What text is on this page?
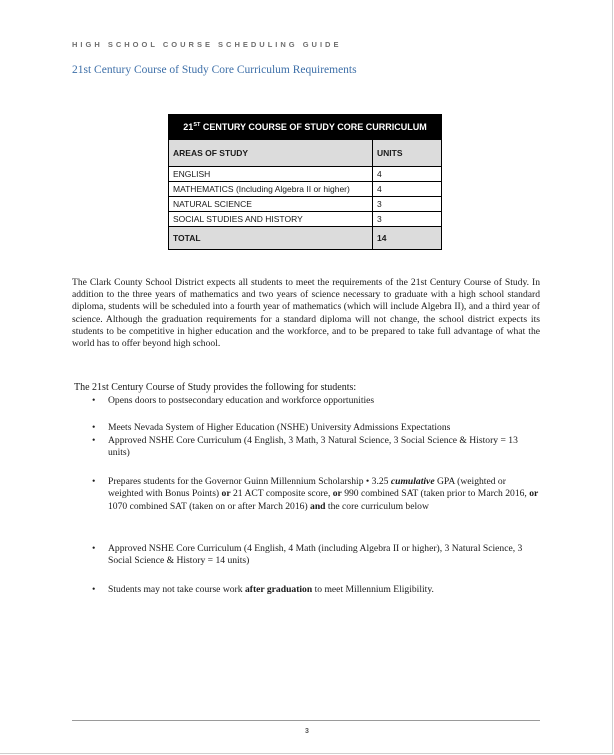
HIGH SCHOOL COURSE SCHEDULING GUIDE
21st Century Course of Study Core Curriculum Requirements
21ST CENTURY COURSE OF STUDY CORE CURRICULUM	
AREAS OF STUDY	UNITS
ENGLISH	4
MATHEMATICS (Including Algebra II or higher)	4
NATURAL SCIENCE	3
SOCIAL STUDIES AND HISTORY	3
TOTAL	14
The Clark County School District expects all students to meet the requirements of the 21st Century Course of Study. In addition to the three years of mathematics and two years of science necessary to graduate with a high school standard diploma, students will be scheduled into a fourth year of mathematics (which will include Algebra II), and a third year of science. Although the graduation requirements for a standard diploma will not change, the school district expects its students to be competitive in higher education and the workforce, and to be prepared to take full advantage of what the world has to offer beyond high school.
The 21st Century Course of Study provides the following for students:
•	Opens doors to postsecondary education and workforce opportunities
•	Meets Nevada System of Higher Education (NSHE) University Admissions Expectations
•	Approved NSHE Core Curriculum (4 English, 3 Math, 3 Natural Science, 3 Social Science & History = 13 units)
•	Prepares students for the Governor Guinn Millennium Scholarship • 3.25 cumulative GPA (weighted or weighted with Bonus Points) or 21 ACT composite score, or 990 combined SAT (taken prior to March 2016, or 1070 combined SAT (taken on or after March 2016) and the core curriculum below
•	Approved NSHE Core Curriculum (4 English, 4 Math (including Algebra II or higher), 3 Natural Science, 3 Social Science & History = 14 units)
•	Students may not take course work after graduation to meet Millennium Eligibility.
3
